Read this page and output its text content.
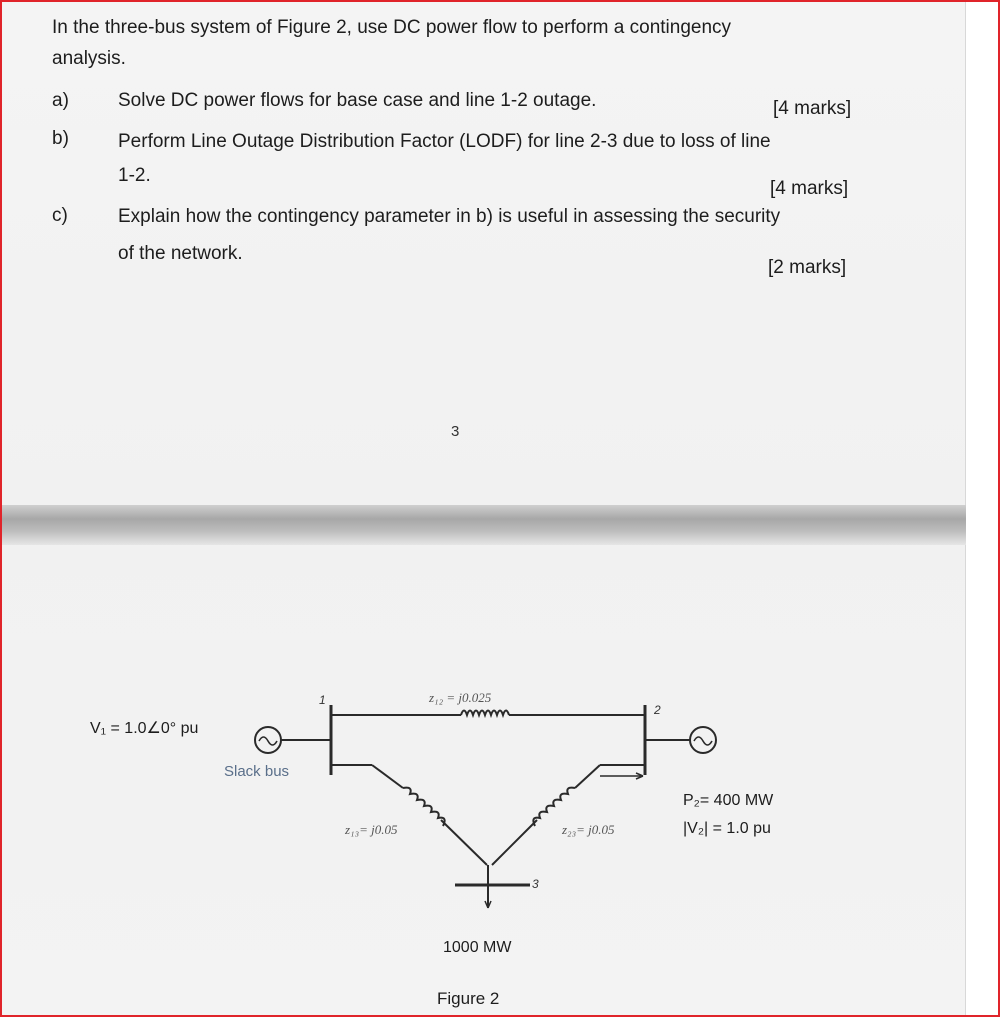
In the three-bus system of Figure 2, use DC power flow to perform a contingency
analysis.
a)	Solve DC power flows for base case and line 1-2 outage.	[4 marks]
b)	Perform Line Outage Distribution Factor (LODF) for line 2-3 due to loss of line
1-2.
[4 marks]
c)	Explain how the contingency parameter in b) is useful in assessing the security
of the network.
[2 marks]
3
V₁ = 1.0∠0° pu
Slack bus
1
2
3
z₁₂ = j0.025
z₁₃= j0.05	z₂₃= j0.05
P₂= 400 MW
|V₂| = 1.0 pu
1000 MW
Figure 2
